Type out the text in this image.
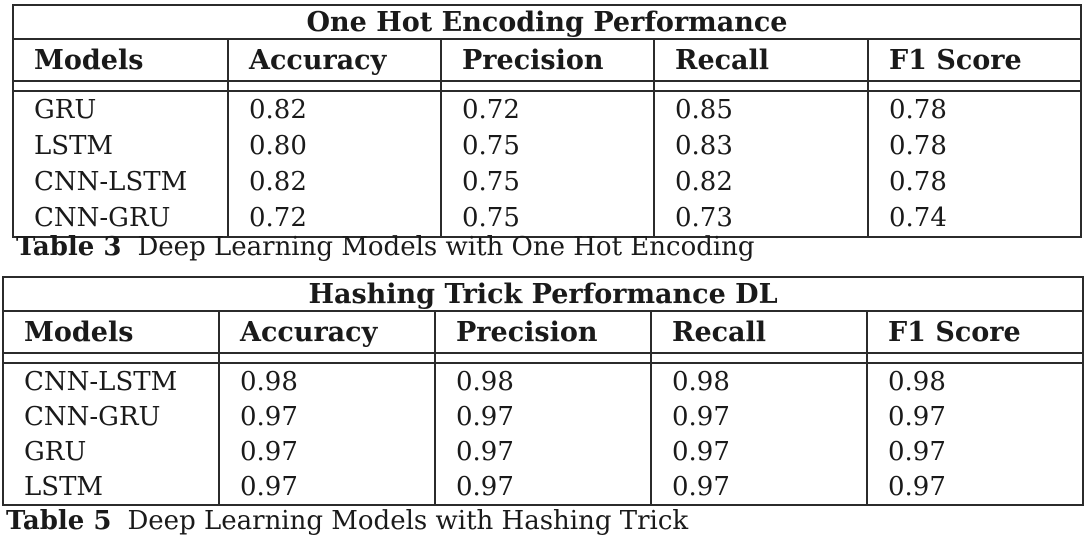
One Hot Encoding Performance				
Models	Accuracy	Precision	Recall	F1 Score

GRU	0.82	0.72	0.85	0.78
LSTM	0.80	0.75	0.83	0.78
CNN-LSTM	0.82	0.75	0.82	0.78
CNN-GRU	0.72	0.75	0.73	0.74
Table 3 Deep Learning Models with One Hot Encoding
Hashing Trick Performance DL				
Models	Accuracy	Precision	Recall	F1 Score

CNN-LSTM	0.98	0.98	0.98	0.98
CNN-GRU	0.97	0.97	0.97	0.97
GRU	0.97	0.97	0.97	0.97
LSTM	0.97	0.97	0.97	0.97
Table 5 Deep Learning Models with Hashing Trick
